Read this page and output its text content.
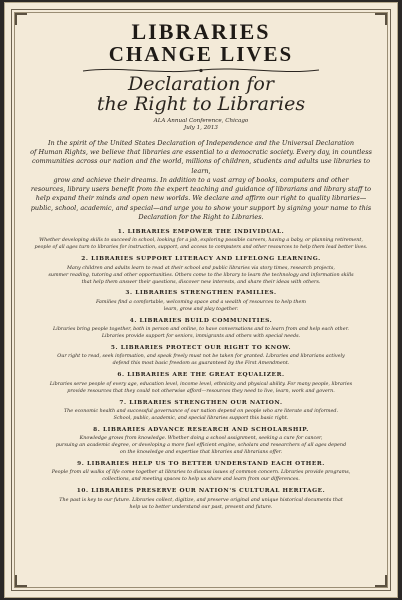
LIBRARIES
CHANGE LIVES
Declaration for
the Right to Libraries
ALA Annual Conference, Chicago
July 1, 2013
In the spirit of the United States Declaration of Independence and the Universal Declaration
of Human Rights, we believe that libraries are essential to a democratic society. Every day, in countless
communities across our nation and the world, millions of children, students and adults use libraries to learn,
grow and achieve their dreams. In addition to a vast array of books, computers and other
resources, library users benefit from the expert teaching and guidance of librarians and library staff to
help expand their minds and open new worlds. We declare and affirm our right to quality libraries—
public, school, academic, and special—and urge you to show your support by signing your name to this
Declaration for the Right to Libraries.
1. LIBRARIES EMPOWER THE INDIVIDUAL.
Whether developing skills to succeed in school, looking for a job, exploring possible careers, having a baby, or planning retirement,
people of all ages turn to libraries for instruction, support, and access to computers and other resources to help them lead better lives.
2. LIBRARIES SUPPORT LITERACY AND LIFELONG LEARNING.
Many children and adults learn to read at their school and public libraries via story times, research projects,
summer reading, tutoring and other opportunities. Others come to the library to learn the technology and information skills
that help them answer their questions, discover new interests, and share their ideas with others.
3. LIBRARIES STRENGTHEN FAMILIES.
Families find a comfortable, welcoming space and a wealth of resources to help them
learn, grow and play together.
4. LIBRARIES BUILD COMMUNITIES.
Libraries bring people together, both in person and online, to have conversations and to learn from and help each other.
Libraries provide support for seniors, immigrants and others with special needs.
5. LIBRARIES PROTECT OUR RIGHT TO KNOW.
Our right to read, seek information, and speak freely must not be taken for granted. Libraries and librarians actively
defend this most basic freedom as guaranteed by the First Amendment.
6. LIBRARIES ARE THE GREAT EQUALIZER.
Libraries serve people of every age, education level, income level, ethnicity and physical ability. For many people, libraries
provide resources that they could not otherwise afford—resources they need to live, learn, work and govern.
7. LIBRARIES STRENGTHEN OUR NATION.
The economic health and successful governance of our nation depend on people who are literate and informed.
School, public, academic, and special libraries support this basic right.
8. LIBRARIES ADVANCE RESEARCH AND SCHOLARSHIP.
Knowledge grows from knowledge. Whether doing a school assignment, seeking a cure for cancer,
pursuing an academic degree, or developing a more fuel efficient engine, scholars and researchers of all ages depend
on the knowledge and expertise that libraries and librarians offer.
9. LIBRARIES HELP US TO BETTER UNDERSTAND EACH OTHER.
People from all walks of life come together at libraries to discuss issues of common concern. Libraries provide programs,
collections, and meeting spaces to help us share and learn from our differences.
10. LIBRARIES PRESERVE OUR NATION'S CULTURAL HERITAGE.
The past is key to our future. Libraries collect, digitize, and preserve original and unique historical documents that
help us to better understand our past, present and future.
